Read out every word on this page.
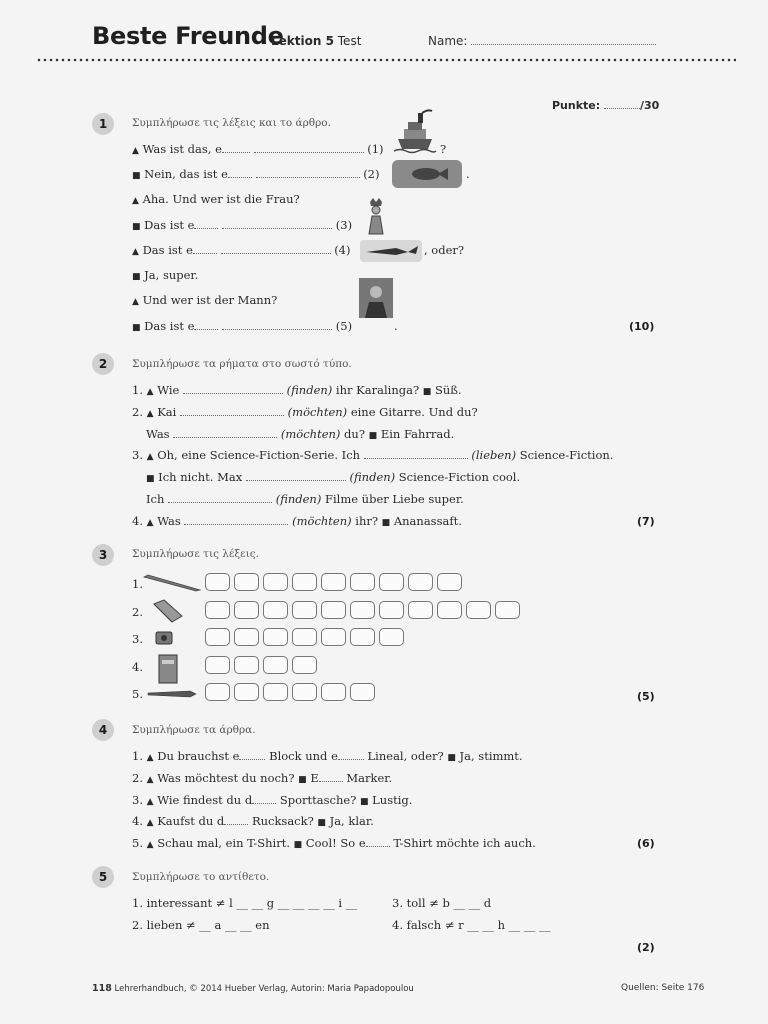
Beste Freunde
Lektion 5 Test	Name:
Punkte:	/30
1	Συμπλήρωσε τις λέξεις και το άρθρο.
▲ Was ist das, e	(1)	?
■ Nein, das ist e	(2)	.
▲ Aha. Und wer ist die Frau?
■ Das ist e	(3)
▲ Das ist e	(4)	, oder?
■ Ja, super.
▲ Und wer ist der Mann?
■ Das ist e	(5)	.	(10)
2	Συμπλήρωσε τα ρήματα στο σωστό τύπο.
1. ▲ Wie	(finden) ihr Karalinga? ■ Süß.
2. ▲ Kai	(möchten) eine Gitarre. Und du?
Was	(möchten) du? ■ Ein Fahrrad.
3. ▲ Oh, eine Science-Fiction-Serie. Ich	(lieben) Science-Fiction.
■ Ich nicht. Max	(finden) Science-Fiction cool.
Ich	(finden) Filme über Liebe super.
4. ▲ Was	(möchten) ihr? ■ Ananassaft.	(7)
3	Συμπλήρωσε τις λέξεις.
1.
2.
3.
4.
5.	(5)
4	Συμπλήρωσε τα άρθρα.
1. ▲ Du brauchst e	Block und e	Lineal, oder? ■ Ja, stimmt.
2. ▲ Was möchtest du noch? ■ E Marker.
3. ▲ Wie findest du d Sporttasche? ■ Lustig.
4. ▲ Kaufst du d Rucksack? ■ Ja, klar.
5. ▲ Schau mal, ein T-Shirt. ■ Cool! So e T-Shirt möchte ich auch.	(6)
5	Συμπλήρωσε το αντίθετο.
1. interessant ≠ l __ __ g __ __ __ __ i __
2. lieben ≠ __ a __ __ en
3. toll ≠ b __ __ d
4. falsch ≠ r __ __ h __ __ __
(2)
118 Lehrerhandbuch, © 2014 Hueber Verlag, Autorin: Maria Papadopoulou	Quellen: Seite 176
